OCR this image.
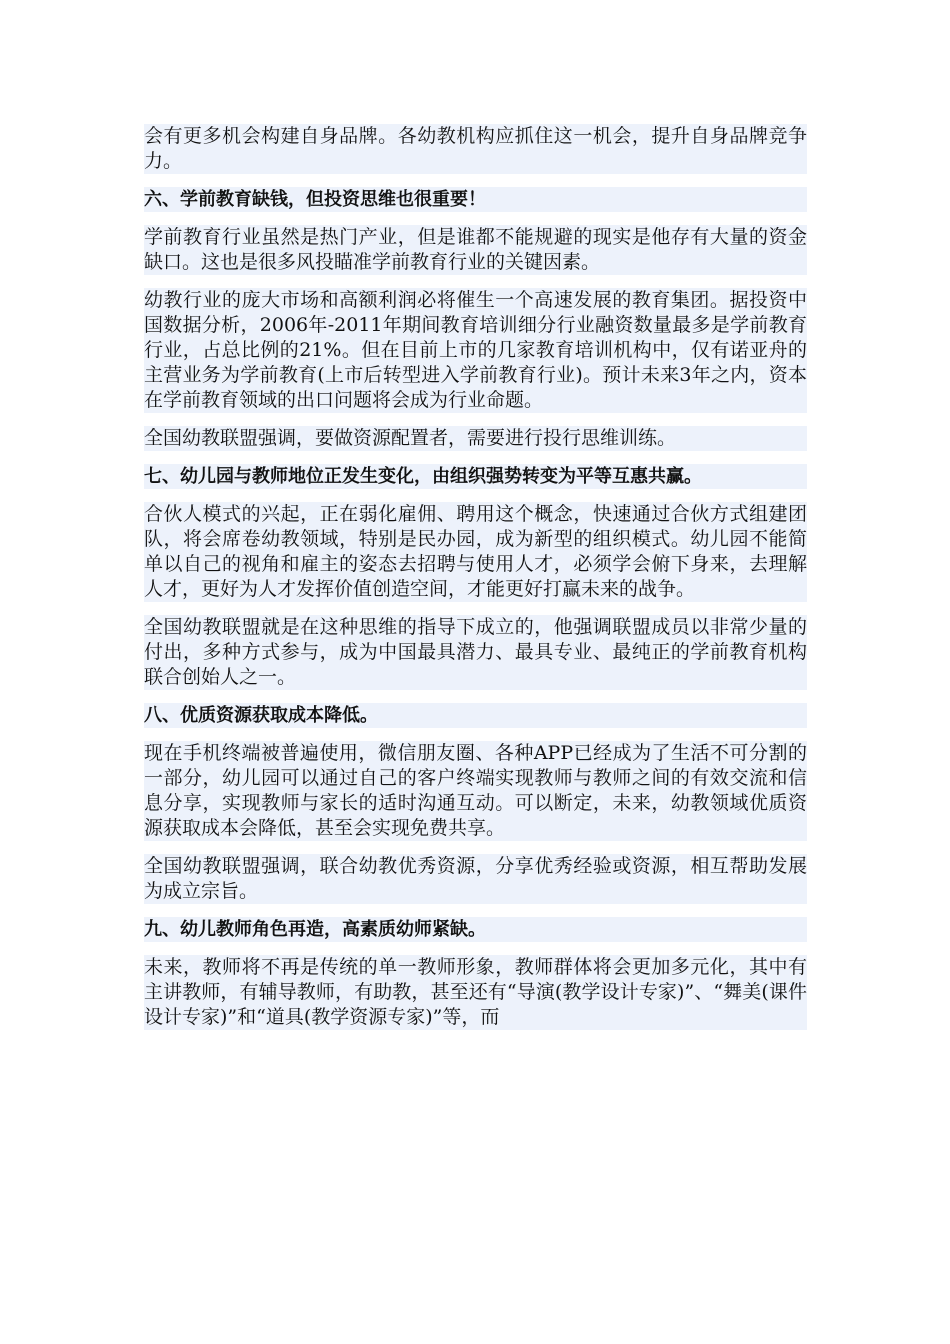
会有更多机会构建自身品牌。各幼教机构应抓住这一机会，提升自身品牌竞争力。

六、学前教育缺钱，但投资思维也很重要！

学前教育行业虽然是热门产业，但是谁都不能规避的现实是他存有大量的资金缺口。这也是很多风投瞄准学前教育行业的关键因素。

幼教行业的庞大市场和高额利润必将催生一个高速发展的教育集团。据投资中国数据分析，2006年-2011年期间教育培训细分行业融资数量最多是学前教育行业，占总比例的21%。但在目前上市的几家教育培训机构中，仅有诺亚舟的主营业务为学前教育(上市后转型进入学前教育行业)。预计未来3年之内，资本在学前教育领域的出口问题将会成为行业命题。

全国幼教联盟强调，要做资源配置者，需要进行投行思维训练。

七、幼儿园与教师地位正发生变化，由组织强势转变为平等互惠共赢。

合伙人模式的兴起，正在弱化雇佣、聘用这个概念，快速通过合伙方式组建团队，将会席卷幼教领域，特别是民办园，成为新型的组织模式。幼儿园不能简单以自己的视角和雇主的姿态去招聘与使用人才，必须学会俯下身来，去理解人才，更好为人才发挥价值创造空间，才能更好打赢未来的战争。

全国幼教联盟就是在这种思维的指导下成立的，他强调联盟成员以非常少量的付出，多种方式参与，成为中国最具潜力、最具专业、最纯正的学前教育机构联合创始人之一。

八、优质资源获取成本降低。

现在手机终端被普遍使用，微信朋友圈、各种APP已经成为了生活不可分割的一部分，幼儿园可以通过自己的客户终端实现教师与教师之间的有效交流和信息分享，实现教师与家长的适时沟通互动。可以断定，未来，幼教领域优质资源获取成本会降低，甚至会实现免费共享。

全国幼教联盟强调，联合幼教优秀资源，分享优秀经验或资源，相互帮助发展为成立宗旨。

九、幼儿教师角色再造，高素质幼师紧缺。

未来，教师将不再是传统的单一教师形象，教师群体将会更加多元化，其中有主讲教师，有辅导教师，有助教，甚至还有“导演(教学设计专家)”、“舞美(课件设计专家)”和“道具(教学资源专家)”等，而
